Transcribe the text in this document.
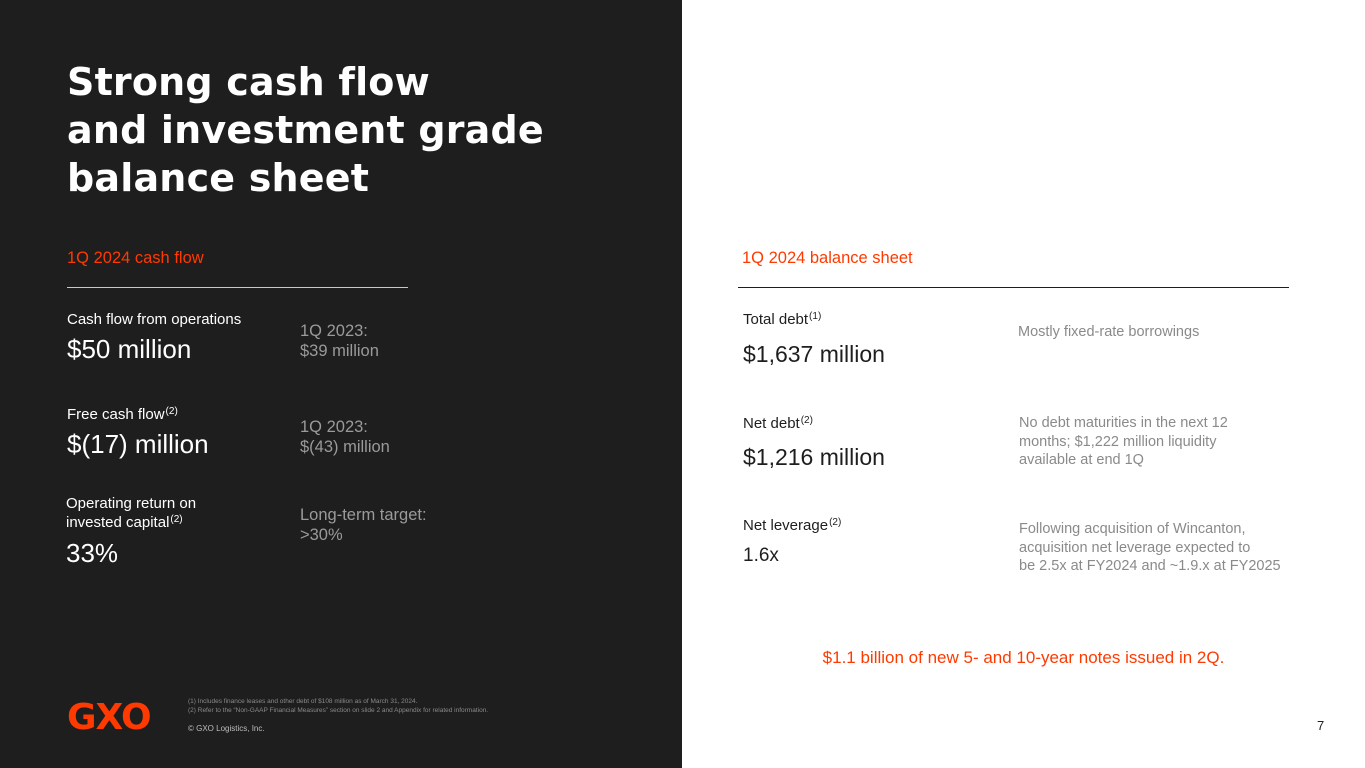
Strong cash flow
and investment grade
balance sheet
1Q 2024 cash flow
Cash flow from operations
$50 million
1Q 2023:
$39 million
Free cash flow$^{(2)}$
$(17) million
1Q 2023:
$(43) million
Operating return on
invested capital$^{(2)}$
33%
Long-term target:
>30%
1Q 2024 balance sheet
Total debt$^{(1)}$
$1,637 million
Mostly fixed-rate borrowings
Net debt$^{(2)}$
$1,216 million
No debt maturities in the next 12
months; $1,222 million liquidity
available at end 1Q
Net leverage$^{(2)}$
1.6x
Following acquisition of Wincanton,
acquisition net leverage expected to
be 2.5x at FY2024 and ~1.9.x at FY2025
$1.1 billion of new 5- and 10-year notes issued in 2Q.
GXO	(1) Includes finance leases and other debt of $108 million as of March 31, 2024.
(2) Refer to the “Non-GAAP Financial Measures” section on slide 2 and Appendix for related information.
© GXO Logistics, Inc.	7
